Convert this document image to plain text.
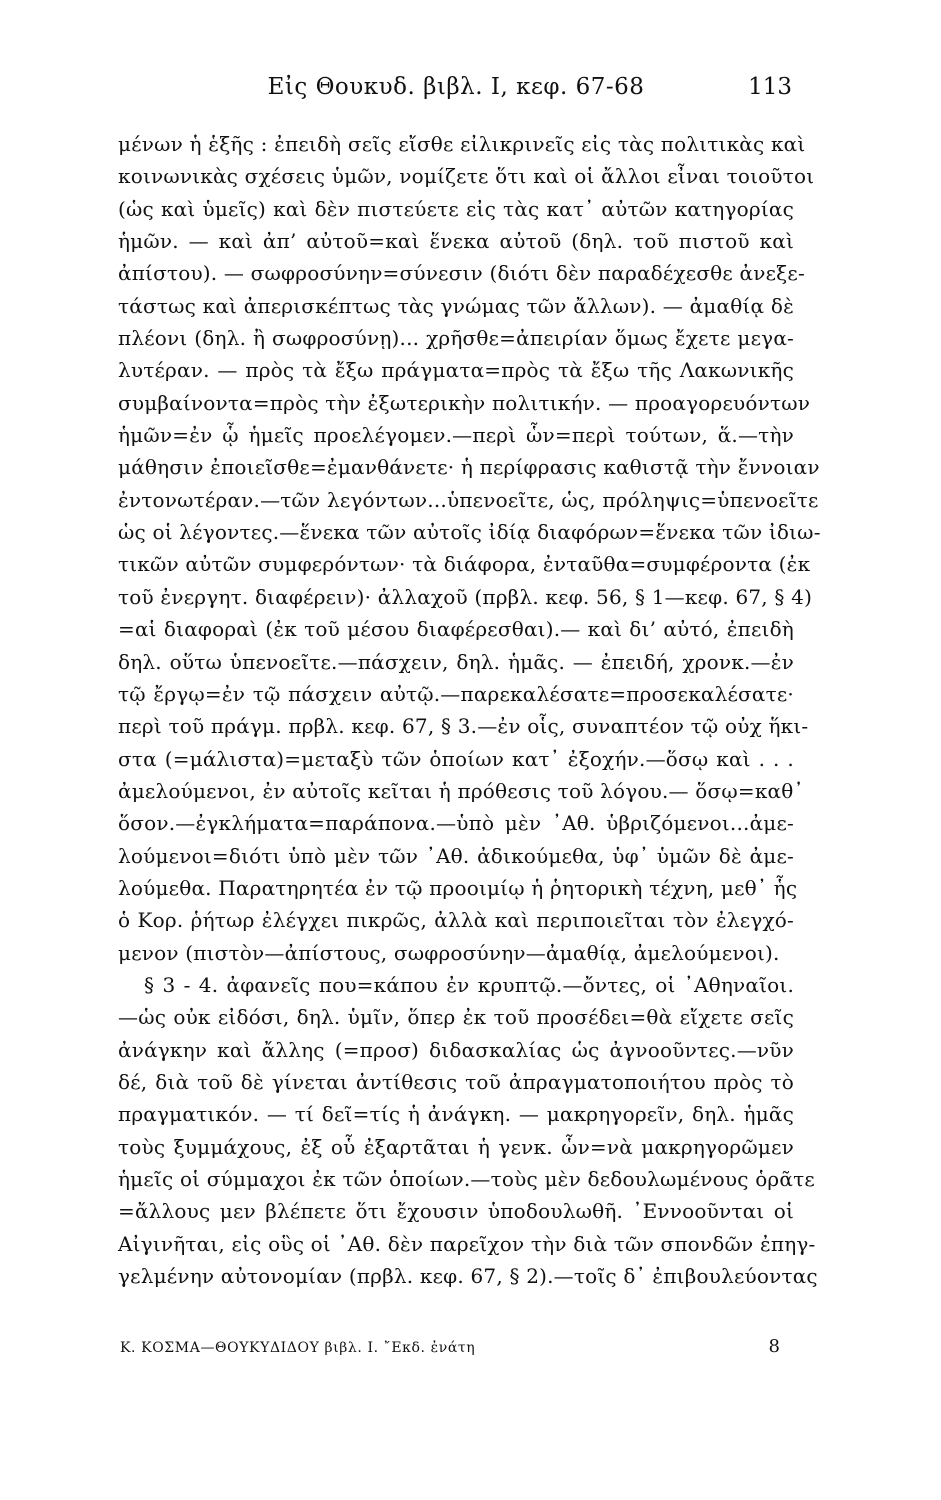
Εἰς Θουκυδ. βιβλ. Ι, κεφ. 67-68	113
μένων ἡ ἑξῆς : ἐπειδὴ σεῖς εἴσθε εἰλικρινεῖς εἰς τὰς πολιτικὰς καὶ
κοινωνικὰς σχέσεις ὑμῶν, νομίζετε ὅτι καὶ οἱ ἄλλοι εἶναι τοιοῦτοι
(ὡς καὶ ὑμεῖς) καὶ δὲν πιστεύετε εἰς τὰς κατ᾽ αὐτῶν κατηγορίας
ἡμῶν. — καὶ ἀπ’ αὐτοῦ=καὶ ἕνεκα αὐτοῦ (δηλ. τοῦ πιστοῦ καὶ
ἀπίστου). — σωφροσύνην=σύνεσιν (διότι δὲν παραδέχεσθε ἀνεξε-
τάστως καὶ ἀπερισκέπτως τὰς γνώμας τῶν ἄλλων). — ἀμαθίᾳ δὲ
πλέονι (δηλ. ἢ σωφροσύνῃ)... χρῆσθε=ἀπειρίαν ὅμως ἔχετε μεγα-
λυτέραν. — πρὸς τὰ ἔξω πράγματα=πρὸς τὰ ἔξω τῆς Λακωνικῆς
συμβαίνοντα=πρὸς τὴν ἐξωτερικὴν πολιτικήν. — προαγορευόντων
ἡμῶν=ἐν ᾧ ἡμεῖς προελέγομεν.—περὶ ὧν=περὶ τούτων, ἅ.—τὴν
μάθησιν ἐποιεῖσθε=ἐμανθάνετε· ἡ περίφρασις καθιστᾷ τὴν ἔννοιαν
ἐντονωτέραν.—τῶν λεγόντων...ὑπενοεῖτε, ὡς, πρόληψις=ὑπενοεῖτε
ὡς οἱ λέγοντες.—ἕνεκα τῶν αὐτοῖς ἰδίᾳ διαφόρων=ἕνεκα τῶν ἰδιω-
τικῶν αὐτῶν συμφερόντων· τὰ διάφορα, ἐνταῦθα=συμφέροντα (ἐκ
τοῦ ἐνεργητ. διαφέρειν)· ἀλλαχοῦ (πρβλ. κεφ. 56, § 1—κεφ. 67, § 4)
=αἱ διαφοραὶ (ἐκ τοῦ μέσου διαφέρεσθαι).— καὶ δι’ αὐτό, ἐπειδὴ
δηλ. οὕτω ὑπενοεῖτε.—πάσχειν, δηλ. ἡμᾶς. — ἐπειδή, χρονκ.—ἐν
τῷ ἔργῳ=ἐν τῷ πάσχειν αὐτῷ.—παρεκαλέσατε=προσεκαλέσατε·
περὶ τοῦ πράγμ. πρβλ. κεφ. 67, § 3.—ἐν οἷς, συναπτέον τῷ οὐχ ἥκι-
στα (=μάλιστα)=μεταξὺ τῶν ὁποίων κατ᾽ ἐξοχήν.—ὅσῳ καὶ . . .
ἀμελούμενοι, ἐν αὐτοῖς κεῖται ἡ πρόθεσις τοῦ λόγου.— ὅσῳ=καθ᾽
ὅσον.—ἐγκλήματα=παράπονα.—ὑπὸ μὲν ᾿Αθ. ὑβριζόμενοι...ἀμε-
λούμενοι=διότι ὑπὸ μὲν τῶν ᾿Αθ. ἀδικούμεθα, ὑφ᾽ ὑμῶν δὲ ἀμε-
λούμεθα. Παρατηρητέα ἐν τῷ προοιμίῳ ἡ ῥητορικὴ τέχνη, μεθ᾽ ἧς
ὁ Κορ. ῥήτωρ ἐλέγχει πικρῶς, ἀλλὰ καὶ περιποιεῖται τὸν ἐλεγχό-
μενον (πιστὸν—ἀπίστους, σωφροσύνην—ἀμαθίᾳ, ἀμελούμενοι).
§ 3 - 4. ἀφανεῖς που=κάπου ἐν κρυπτῷ.—ὄντες, οἱ ᾿Αθηναῖοι.
—ὡς οὐκ εἰδόσι, δηλ. ὑμῖν, ὅπερ ἐκ τοῦ προσέδει=θὰ εἴχετε σεῖς
ἀνάγκην καὶ ἄλλης (=προσ) διδασκαλίας ὡς ἀγνοοῦντες.—νῦν
δέ, διὰ τοῦ δὲ γίνεται ἀντίθεσις τοῦ ἀπραγματοποιήτου πρὸς τὸ
πραγματικόν. — τί δεῖ=τίς ἡ ἀνάγκη. — μακρηγορεῖν, δηλ. ἡμᾶς
τοὺς ξυμμάχους, ἐξ οὗ ἐξαρτᾶται ἡ γενκ. ὧν=νὰ μακρηγορῶμεν
ἡμεῖς οἱ σύμμαχοι ἐκ τῶν ὁποίων.—τοὺς μὲν δεδουλωμένους ὁρᾶτε
=ἄλλους μεν βλέπετε ὅτι ἔχουσιν ὑποδουλωθῆ. ᾿Εννοοῦνται οἱ
Αἰγινῆται, εἰς οὓς οἱ ᾿Αθ. δὲν παρεῖχον τὴν διὰ τῶν σπονδῶν ἐπηγ-
γελμένην αὐτονομίαν (πρβλ. κεφ. 67, § 2).—τοῖς δ᾽ ἐπιβουλεύοντας
Κ. ΚΟΣΜΑ—ΘΟΥΚΥΔΙΔΟΥ βιβλ. Ι. ῎Εκδ. ἐνάτη	8
